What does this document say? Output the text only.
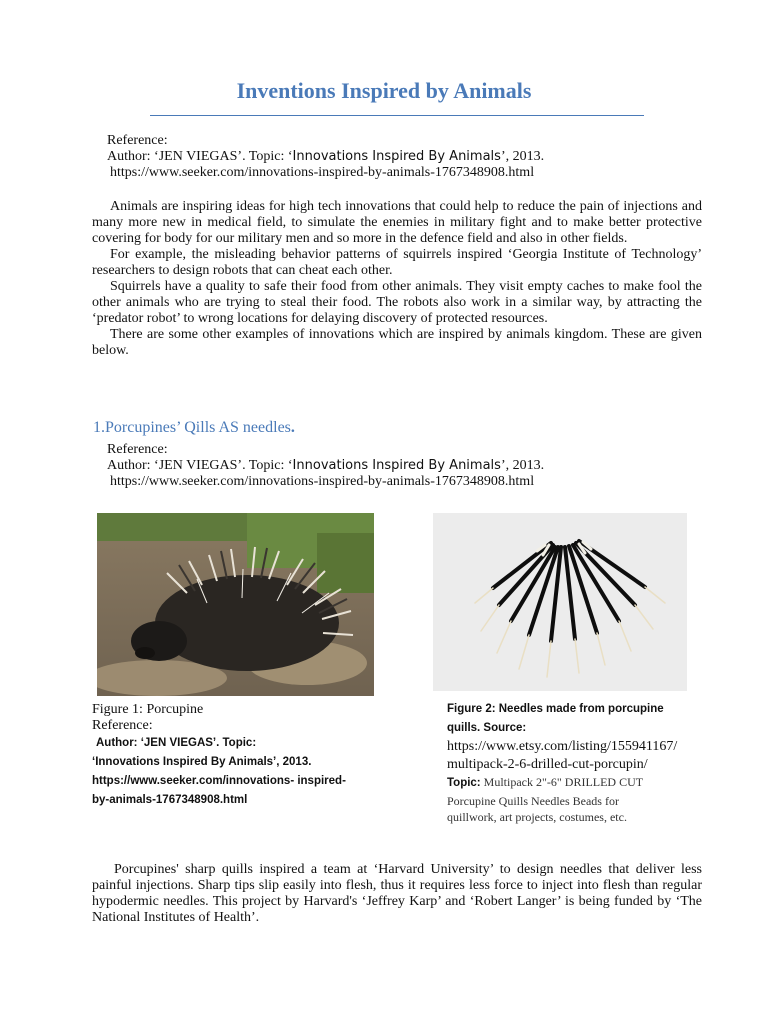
Inventions Inspired by Animals
Reference:
Author: ‘JEN VIEGAS’. Topic: ‘Innovations Inspired By Animals’, 2013.
https://www.seeker.com/innovations-inspired-by-animals-1767348908.html

Animals are inspiring ideas for high tech innovations that could help to reduce the pain of injections and many more new in medical field, to simulate the enemies in military fight and to make better protective covering for body for our military men and so more in the defence field and also in other fields.

For example, the misleading behavior patterns of squirrels inspired ‘Georgia Institute of Technology’ researchers to design robots that can cheat each other.

Squirrels have a quality to safe their food from other animals. They visit empty caches to make fool the other animals who are trying to steal their food. The robots also work in a similar way, by attracting the ‘predator robot’ to wrong locations for delaying discovery of protected resources.

There are some other examples of innovations which are inspired by animals kingdom. These are given below.

1.Porcupines’ Qills AS needles.
Reference:
Author: ‘JEN VIEGAS’. Topic: ‘Innovations Inspired By Animals’, 2013.
https://www.seeker.com/innovations-inspired-by-animals-1767348908.html
Figure 1: Porcupine
Reference:
Author: ‘JEN VIEGAS’. Topic:
‘Innovations Inspired By Animals’, 2013.
https://www.seeker.com/innovations- inspired-
by-animals-1767348908.html
Figure 2: Needles made from porcupine
quills. Source:
https://www.etsy.com/listing/155941167/
multipack-2-6-drilled-cut-porcupin/
Topic: Multipack 2"-6" DRILLED CUT
Porcupine Quills Needles Beads for
quillwork, art projects, costumes, etc.

Porcupines' sharp quills inspired a team at ‘Harvard University’ to design needles that deliver less painful injections. Sharp tips slip easily into flesh, thus it requires less force to inject into flesh than regular hypodermic needles. This project by Harvard's ‘Jeffrey Karp’ and ‘Robert Langer’ is being funded by ‘The National Institutes of Health’.
